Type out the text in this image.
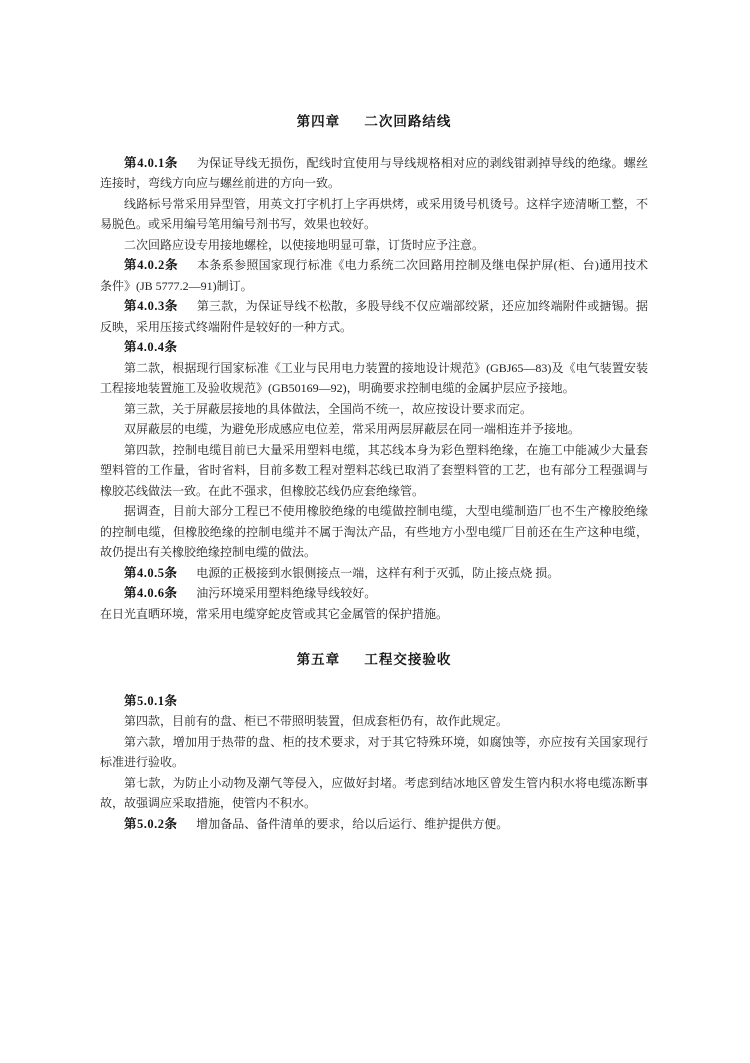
第四章 二次回路结线

第4.0.1条 为保证导线无损伤，配线时宜使用与导线规格相对应的剥线钳剥掉导线的绝缘。螺丝连接时，弯线方向应与螺丝前进的方向一致。

线路标号常采用异型管，用英文打字机打上字再烘烤，或采用烫号机烫号。这样字迹清晰工整，不易脱色。或采用编号笔用编号剂书写，效果也较好。

二次回路应设专用接地螺栓，以使接地明显可靠，订货时应予注意。

第4.0.2条 本条系参照国家现行标准《电力系统二次回路用控制及继电保护屏(柜、台)通用技术条件》(JB 5777.2—91)制订。

第4.0.3条 第三款，为保证导线不松散，多股导线不仅应端部绞紧，还应加终端附件或搪锡。据反映，采用压接式终端附件是较好的一种方式。

第4.0.4条

第二款，根据现行国家标准《工业与民用电力装置的接地设计规范》(GBJ65—83)及《电气装置安装工程接地装置施工及验收规范》(GB50169—92)，明确要求控制电缆的金属护层应予接地。

第三款，关于屏蔽层接地的具体做法，全国尚不统一，故应按设计要求而定。

双屏蔽层的电缆，为避免形成感应电位差，常采用两层屏蔽层在同一端相连并予接地。

第四款，控制电缆目前已大量采用塑料电缆，其芯线本身为彩色塑料绝缘，在施工中能减少大量套塑料管的工作量，省时省料，目前多数工程对塑料芯线已取消了套塑料管的工艺，也有部分工程强调与橡胶芯线做法一致。在此不强求，但橡胶芯线仍应套绝缘管。

据调查，目前大部分工程已不使用橡胶绝缘的电缆做控制电缆，大型电缆制造厂也不生产橡胶绝缘的控制电缆，但橡胶绝缘的控制电缆并不属于淘汰产品，有些地方小型电缆厂目前还在生产这种电缆，故仍提出有关橡胶绝缘控制电缆的做法。

第4.0.5条 电源的正极接到水银侧接点一端，这样有利于灭弧，防止接点烧 损。

第4.0.6条 油污环境采用塑料绝缘导线较好。

在日光直晒环境，常采用电缆穿蛇皮管或其它金属管的保护措施。

第五章 工程交接验收

第5.0.1条

第四款，目前有的盘、柜已不带照明装置，但成套柜仍有，故作此规定。

第六款，增加用于热带的盘、柜的技术要求，对于其它特殊环境，如腐蚀等，亦应按有关国家现行标准进行验收。

第七款，为防止小动物及潮气等侵入，应做好封堵。考虑到结冰地区曾发生管内积水将电缆冻断事故，故强调应采取措施，使管内不积水。

第5.0.2条 增加备品、备件清单的要求，给以后运行、维护提供方便。
